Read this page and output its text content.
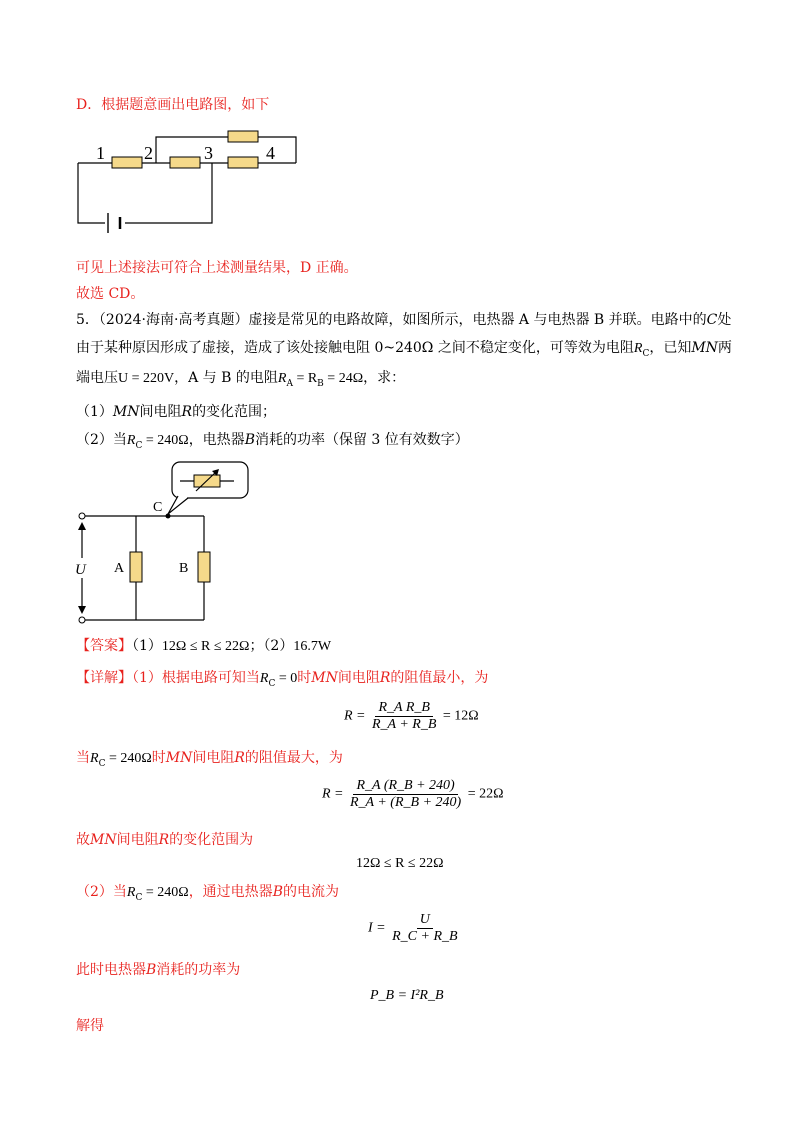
D．根据题意画出电路图，如下
1 2	3	4
可见上述接法可符合上述测量结果，D 正确。
故选 CD。
5．（2024·海南·高考真题）虚接是常见的电路故障，如图所示，电热器 A 与电热器 B 并联。电路中的C处
由于某种原因形成了虚接，造成了该处接触电阻 0~240Ω 之间不稳定变化，可等效为电阻$R_C$，已知MN两
端电压U = 220V，A 与 B 的电阻$R_A = R_B = 24\Omega$，求：
（1）MN间电阻R的变化范围；
（2）当$R_C = 240\Omega$，电热器B消耗的功率（保留 3 位有效数字）
C
A	B
U
【答案】（1）12Ω ≤ R ≤ 22Ω；（2）16.7W
【详解】（1）根据电路可知当$R_C = 0$时MN间电阻R的阻值最小，为
$R = \frac{\text{R\_A R\_B}}{R\_A + R\_B} = 12\Omega$
当$R_C = 240\Omega$时MN间电阻R的阻值最大，为
$R = \frac{R\_A (R\_B + 240)}{R\_A + (R\_B + 240)} = 22\Omega$
故MN间电阻R的变化范围为
12Ω ≤ R ≤ 22Ω
（2）当$R_C = 240\Omega$，通过电热器B的电流为
$I = \frac{U}{R\_C + R\_B}$
此时电热器B消耗的功率为
P_B = I²R_B
解得
